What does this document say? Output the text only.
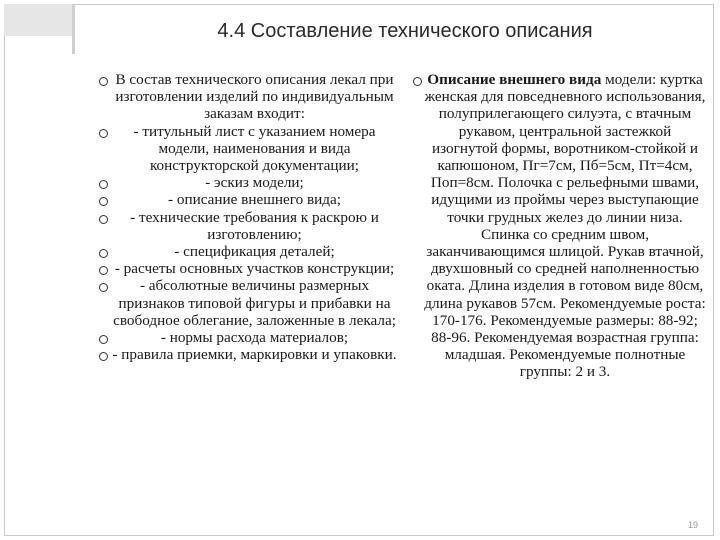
4.4 Составление технического описания
В состав технического описания лекал при изготовлении изделий по индивидуальным заказам входит:
- титульный лист с указанием номера модели, наименования и вида конструкторской документации;
- эскиз модели;
- описание внешнего вида;
- технические требования к раскрою и изготовлению;
- спецификация деталей;
- расчеты основных участков конструкции;
- абсолютные величины размерных признаков типовой фигуры и прибавки на свободное облегание, заложенные в лекала;
- нормы расхода материалов;
- правила приемки, маркировки и упаковки.
Описание внешнего вида модели: куртка женская для повседневного использования, полуприлегающего силуэта, с втачным рукавом, центральной застежкой изогнутой формы, воротником-стойкой и капюшоном, Пг=7см, Пб=5см, Пт=4см, Поп=8см. Полочка с рельефными швами, идущими из проймы через выступающие точки грудных желез до линии низа. Спинка со средним швом, заканчивающимся шлицой. Рукав втачной, двухшовный со средней наполненностью оката. Длина изделия в готовом виде 80см, длина рукавов 57см. Рекомендуемые роста: 170-176. Рекомендуемые размеры: 88-92; 88-96. Рекомендуемая возрастная группа: младшая. Рекомендуемые полнотные группы: 2 и 3.
19
